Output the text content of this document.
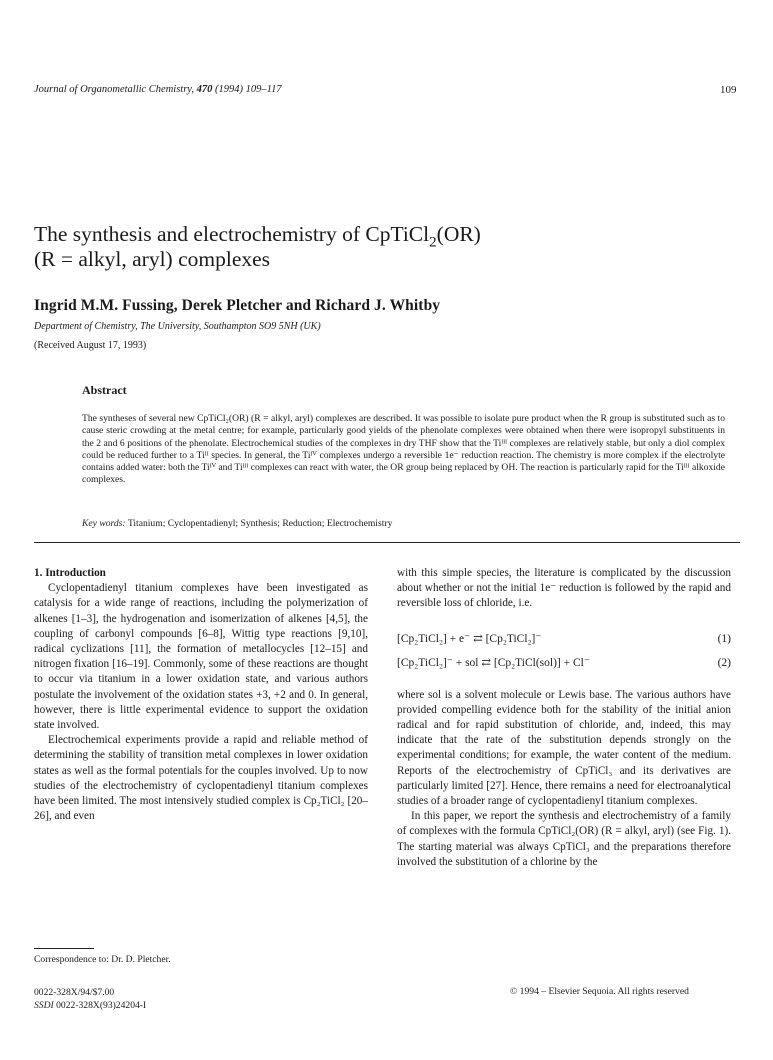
Journal of Organometallic Chemistry, 470 (1994) 109–117	109
The synthesis and electrochemistry of CpTiCl$_2$(OR)
(R = alkyl, aryl) complexes
Ingrid M.M. Fussing, Derek Pletcher and Richard J. Whitby
Department of Chemistry, The University, Southampton SO9 5NH (UK)
(Received August 17, 1993)
Abstract
The syntheses of several new CpTiCl₂(OR) (R = alkyl, aryl) complexes are described. It was possible to isolate pure product when the R group is substituted such as to cause steric crowding at the metal centre; for example, particularly good yields of the phenolate complexes were obtained when there were isopropyl substituents in the 2 and 6 positions of the phenolate. Electrochemical studies of the complexes in dry THF show that the Tiᴵᴵᴵ complexes are relatively stable, but only a diol complex could be reduced further to a Tiᴵᴵ species. In general, the Tiᴵⱽ complexes undergo a reversible 1e⁻ reduction reaction. The chemistry is more complex if the electrolyte contains added water: both the Tiᴵⱽ and Tiᴵᴵᴵ complexes can react with water, the OR group being replaced by OH. The reaction is particularly rapid for the Tiᴵᴵᴵ alkoxide complexes.
Key words: Titanium; Cyclopentadienyl; Synthesis; Reduction; Electrochemistry

1. Introduction

Cyclopentadienyl titanium complexes have been investigated as catalysis for a wide range of reactions, including the polymerization of alkenes [1–3], the hydrogenation and isomerization of alkenes [4,5], the coupling of carbonyl compounds [6–8], Wittig type reactions [9,10], radical cyclizations [11], the formation of metallocycles [12–15] and nitrogen fixation [16–19]. Commonly, some of these reactions are thought to occur via titanium in a lower oxidation state, and various authors postulate the involvement of the oxidation states +3, +2 and 0. In general, however, there is little experimental evidence to support the oxidation state involved.

Electrochemical experiments provide a rapid and reliable method of determining the stability of transition metal complexes in lower oxidation states as well as the formal potentials for the couples involved. Up to now studies of the electrochemistry of cyclopentadienyl titanium complexes have been limited. The most intensively studied complex is Cp₂TiCl₂ [20–26], and even

with this simple species, the literature is complicated by the discussion about whether or not the initial 1e⁻ reduction is followed by the rapid and reversible loss of chloride, i.e.

[Cp₂TiCl₂] + e⁻ ⇄ [Cp₂TiCl₂]⁻	(1)
[Cp₂TiCl₂]⁻ + sol ⇄ [Cp₂TiCl(sol)] + Cl⁻	(2)

where sol is a solvent molecule or Lewis base. The various authors have provided compelling evidence both for the stability of the initial anion radical and for rapid substitution of chloride, and, indeed, this may indicate that the rate of the substitution depends strongly on the experimental conditions; for example, the water content of the medium. Reports of the electrochemistry of CpTiCl₃ and its derivatives are particularly limited [27]. Hence, there remains a need for electroanalytical studies of a broader range of cyclopentadienyl titanium complexes.

In this paper, we report the synthesis and electrochemistry of a family of complexes with the formula CpTiCl₂(OR) (R = alkyl, aryl) (see Fig. 1). The starting material was always CpTiCl₃ and the preparations therefore involved the substitution of a chlorine by the

Correspondence to: Dr. D. Pletcher.
0022-328X/94/$7.00
SSDI 0022-328X(93)24204-I
© 1994 – Elsevier Sequoia. All rights reserved
